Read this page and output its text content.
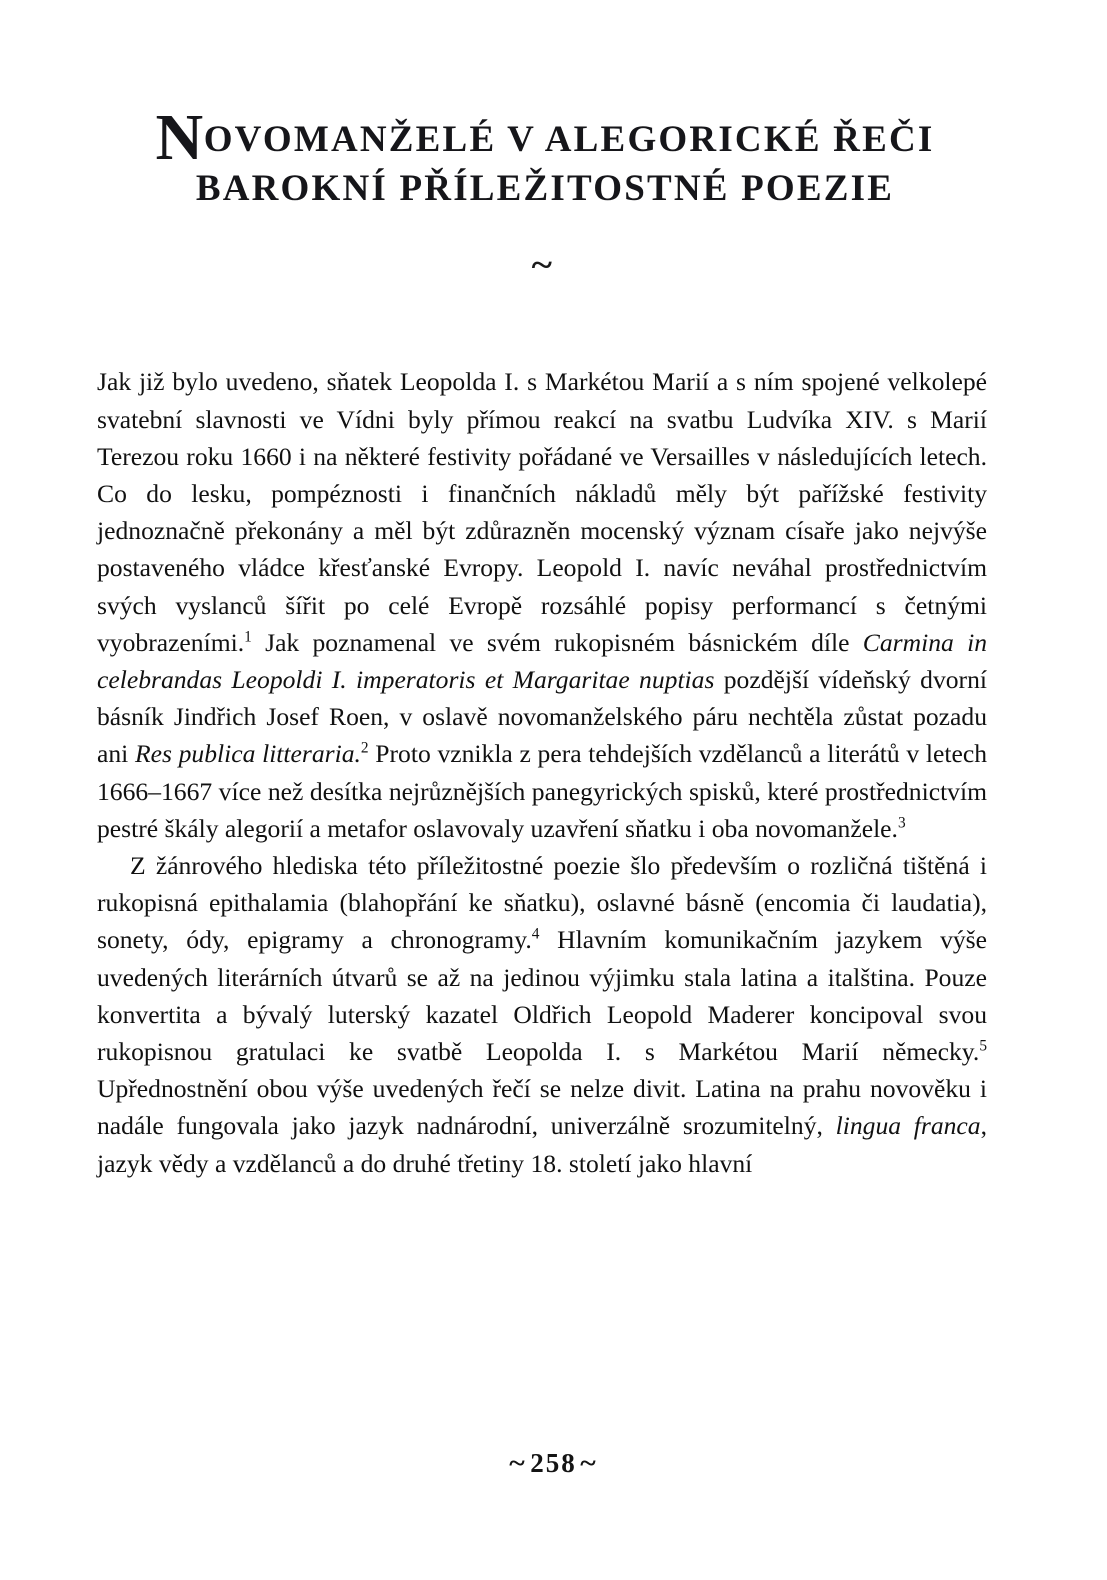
NOVOMANŽELÉ V ALEGORICKÉ ŘEČI
BAROKNÍ PŘÍLEŽITOSTNÉ POEZIE
~

Jak již bylo uvedeno, sňatek Leopolda I. s Markétou Marií a s ním spojené velkolepé svatební slavnosti ve Vídni byly přímou reakcí na svatbu Ludvíka XIV. s Marií Terezou roku 1660 i na některé festivity pořádané ve Versailles v následujících letech. Co do lesku, pompéznosti i finančních nákladů měly být pařížské festivity jednoznačně překonány a měl být zdůrazněn mocenský význam císaře jako nejvýše postaveného vládce křesťanské Evropy. Leopold I. navíc neváhal prostřednictvím svých vyslanců šířit po celé Evropě rozsáhlé popisy performancí s četnými vyobrazeními.$^1$ Jak poznamenal ve svém rukopisném básnickém díle Carmina in celebrandas Leopoldi I. imperatoris et Margaritae nuptias pozdější vídeňský dvorní básník Jindřich Josef Roen, v oslavě novomanželského páru nechtěla zůstat pozadu ani Res publica litteraria.$^2$ Proto vznikla z pera tehdejších vzdělanců a literátů v letech 1666–1667 více než desítka nejrůznějších panegyrických spisků, které prostřednictvím pestré škály alegorií a metafor oslavovaly uzavření sňatku i oba novomanžele.$^3$

Z žánrového hlediska této příležitostné poezie šlo především o rozličná tištěná i rukopisná epithalamia (blahopřání ke sňatku), oslavné básně (encomia či laudatia), sonety, ódy, epigramy a chronogramy.$^4$ Hlavním komunikačním jazykem výše uvedených literárních útvarů se až na jedinou výjimku stala latina a italština. Pouze konvertita a bývalý luterský kazatel Oldřich Leopold Maderer koncipoval svou rukopisnou gratulaci ke svatbě Leopolda I. s Markétou Marií německy.$^5$ Upřednostnění obou výše uvedených řečí se nelze divit. Latina na prahu novověku i nadále fungovala jako jazyk nadnárodní, univerzálně srozumitelný, lingua franca, jazyk vědy a vzdělanců a do druhé třetiny 18. století jako hlavní

~ 258 ~
